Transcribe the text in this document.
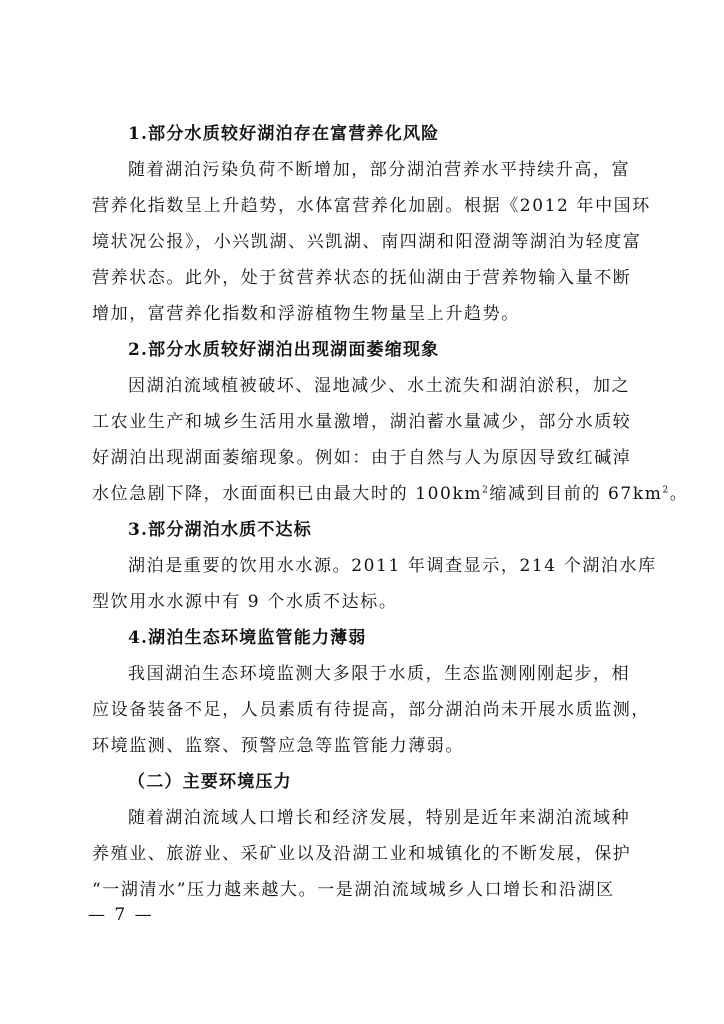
1.部分水质较好湖泊存在富营养化风险
随着湖泊污染负荷不断增加，部分湖泊营养水平持续升高，富
营养化指数呈上升趋势，水体富营养化加剧。根据《2012 年中国环
境状况公报》，小兴凯湖、兴凯湖、南四湖和阳澄湖等湖泊为轻度富
营养状态。此外，处于贫营养状态的抚仙湖由于营养物输入量不断
增加，富营养化指数和浮游植物生物量呈上升趋势。
2.部分水质较好湖泊出现湖面萎缩现象
因湖泊流域植被破坏、湿地减少、水土流失和湖泊淤积，加之
工农业生产和城乡生活用水量激增，湖泊蓄水量减少，部分水质较
好湖泊出现湖面萎缩现象。例如：由于自然与人为原因导致红碱淖
水位急剧下降，水面面积已由最大时的 $100km^2$缩减到目前的 $67km^2$。
3.部分湖泊水质不达标
湖泊是重要的饮用水水源。2011 年调查显示，214 个湖泊水库
型饮用水水源中有 9 个水质不达标。
4.湖泊生态环境监管能力薄弱
我国湖泊生态环境监测大多限于水质，生态监测刚刚起步，相
应设备装备不足，人员素质有待提高，部分湖泊尚未开展水质监测，
环境监测、监察、预警应急等监管能力薄弱。
（二）主要环境压力
随着湖泊流域人口增长和经济发展，特别是近年来湖泊流域种
养殖业、旅游业、采矿业以及沿湖工业和城镇化的不断发展，保护
“一湖清水”压力越来越大。一是湖泊流域城乡人口增长和沿湖区
— 7 —
